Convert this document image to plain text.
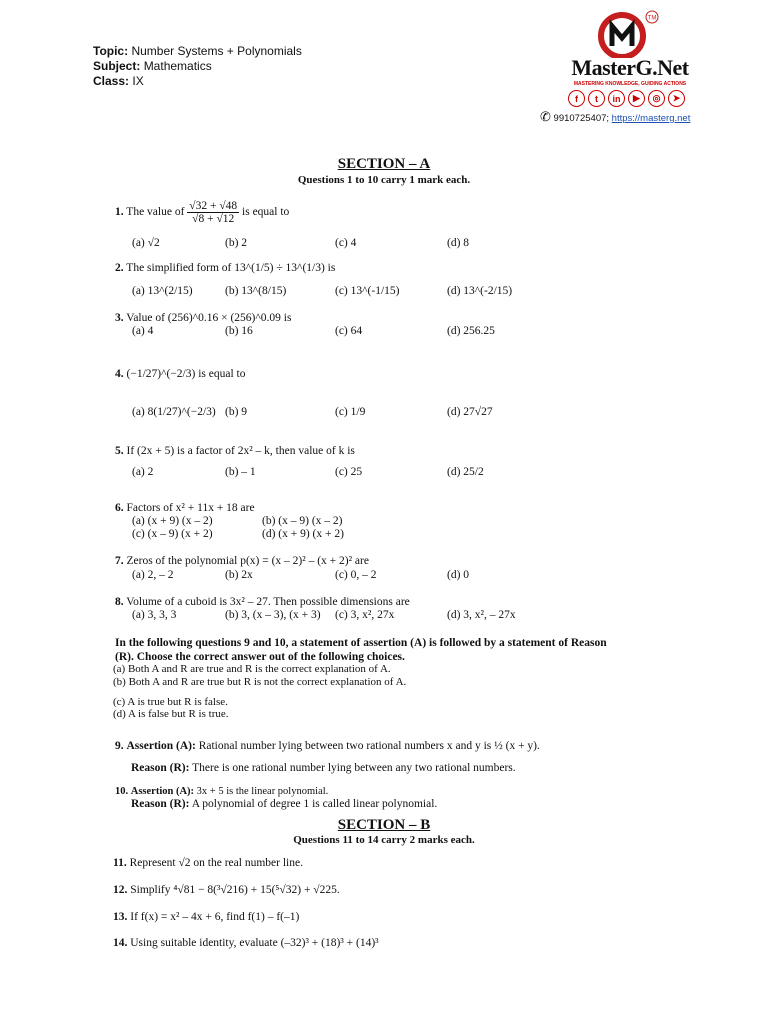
Topic: Number Systems + Polynomials
Subject: Mathematics
Class: IX
TM
MasterG.Net
MASTERING KNOWLEDGE, GUIDING ACTIONS
f	t	in	▶	◎	➤
✆ 9910725407; https://masterg.net
SECTION – A
Questions 1 to 10 carry 1 mark each.
1. The value of $\frac{√32 + √48}{√8 + √12}$ is equal to
(a) √2	(b) 2	(c) 4	(d) 8
2. The simplified form of 13^(1/5) ÷ 13^(1/3) is
(a) 13^(2/15)	(b) 13^(8/15)	(c) 13^(-1/15)	(d) 13^(-2/15)
3. Value of (256)^0.16 × (256)^0.09 is
(a) 4	(b) 16	(c) 64	(d) 256.25
4. (−1/27)^(−2/3) is equal to
(a) 8(1/27)^(−2/3) (b) 9	(c) 1/9	(d) 27√27
5. If (2x + 5) is a factor of 2x² – k, then value of k is
(a) 2	(b) – 1	(c) 25	(d) 25/2
6. Factors of x² + 11x + 18 are
(a) (x + 9) (x – 2)	(b) (x – 9) (x – 2)
(c) (x – 9) (x + 2)	(d) (x + 9) (x + 2)
7. Zeros of the polynomial p(x) = (x – 2)² – (x + 2)² are
(a) 2, – 2	(b) 2x	(c) 0, – 2	(d) 0
8. Volume of a cuboid is 3x² – 27. Then possible dimensions are
(a) 3, 3, 3	(b) 3, (x – 3), (x + 3) (c) 3, x², 27x	(d) 3, x², – 27x
In the following questions 9 and 10, a statement of assertion (A) is followed by a statement of Reason (R). Choose the correct answer out of the following choices.
(a) Both A and R are true and R is the correct explanation of A.
(b) Both A and R are true but R is not the correct explanation of A.
(c) A is true but R is false.
(d) A is false but R is true.
9. Assertion (A): Rational number lying between two rational numbers x and y is ½ (x + y).
Reason (R): There is one rational number lying between any two rational numbers.
10. Assertion (A): 3x + 5 is the linear polynomial.
Reason (R): A polynomial of degree 1 is called linear polynomial.
SECTION – B
Questions 11 to 14 carry 2 marks each.
11. Represent √2 on the real number line.
12. Simplify ⁴√81 − 8(³√216) + 15(⁵√32) + √225.
13. If f(x) = x² – 4x + 6, find f(1) – f(–1)
14. Using suitable identity, evaluate (–32)³ + (18)³ + (14)³
